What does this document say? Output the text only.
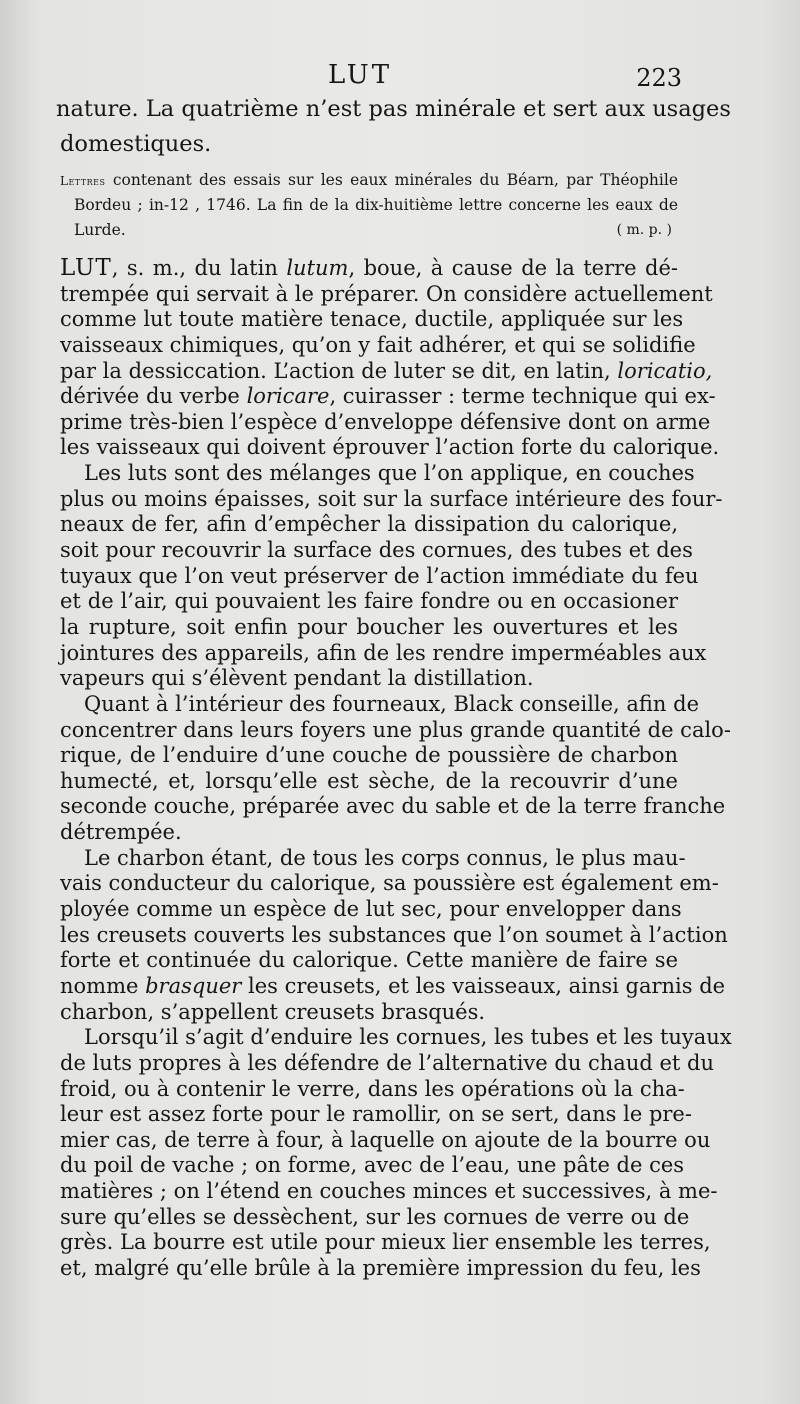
LUT	223
nature. La quatrième n’est pas minérale et sert aux usages
domestiques.
Lettres contenant des essais sur les eaux minérales du Béarn, par Théophile
Bordeu ; in-12 , 1746. La fin de la dix-huitième lettre concerne les eaux de
Lurde.	( m. p. )
LUT, s. m., du latin lutum, boue, à cause de la terre dé-
trempée qui servait à le préparer. On considère actuellement
comme lut toute matière tenace, ductile, appliquée sur les
vaisseaux chimiques, qu’on y fait adhérer, et qui se solidifie
par la dessiccation. L’action de luter se dit, en latin, loricatio,
dérivée du verbe loricare, cuirasser : terme technique qui ex-
prime très-bien l’espèce d’enveloppe défensive dont on arme
les vaisseaux qui doivent éprouver l’action forte du calorique.
Les luts sont des mélanges que l’on applique, en couches
plus ou moins épaisses, soit sur la surface intérieure des four-
neaux de fer, afin d’empêcher la dissipation du calorique,
soit pour recouvrir la surface des cornues, des tubes et des
tuyaux que l’on veut préserver de l’action immédiate du feu
et de l’air, qui pouvaient les faire fondre ou en occasioner
la rupture, soit enfin pour boucher les ouvertures et les
jointures des appareils, afin de les rendre imperméables aux
vapeurs qui s’élèvent pendant la distillation.
Quant à l’intérieur des fourneaux, Black conseille, afin de
concentrer dans leurs foyers une plus grande quantité de calo-
rique, de l’enduire d’une couche de poussière de charbon
humecté, et, lorsqu’elle est sèche, de la recouvrir d’une
seconde couche, préparée avec du sable et de la terre franche
détrempée.
Le charbon étant, de tous les corps connus, le plus mau-
vais conducteur du calorique, sa poussière est également em-
ployée comme un espèce de lut sec, pour envelopper dans
les creusets couverts les substances que l’on soumet à l’action
forte et continuée du calorique. Cette manière de faire se
nomme brasquer les creusets, et les vaisseaux, ainsi garnis de
charbon, s’appellent creusets brasqués.
Lorsqu’il s’agit d’enduire les cornues, les tubes et les tuyaux
de luts propres à les défendre de l’alternative du chaud et du
froid, ou à contenir le verre, dans les opérations où la cha-
leur est assez forte pour le ramollir, on se sert, dans le pre-
mier cas, de terre à four, à laquelle on ajoute de la bourre ou
du poil de vache ; on forme, avec de l’eau, une pâte de ces
matières ; on l’étend en couches minces et successives, à me-
sure qu’elles se dessèchent, sur les cornues de verre ou de
grès. La bourre est utile pour mieux lier ensemble les terres,
et, malgré qu’elle brûle à la première impression du feu, les
